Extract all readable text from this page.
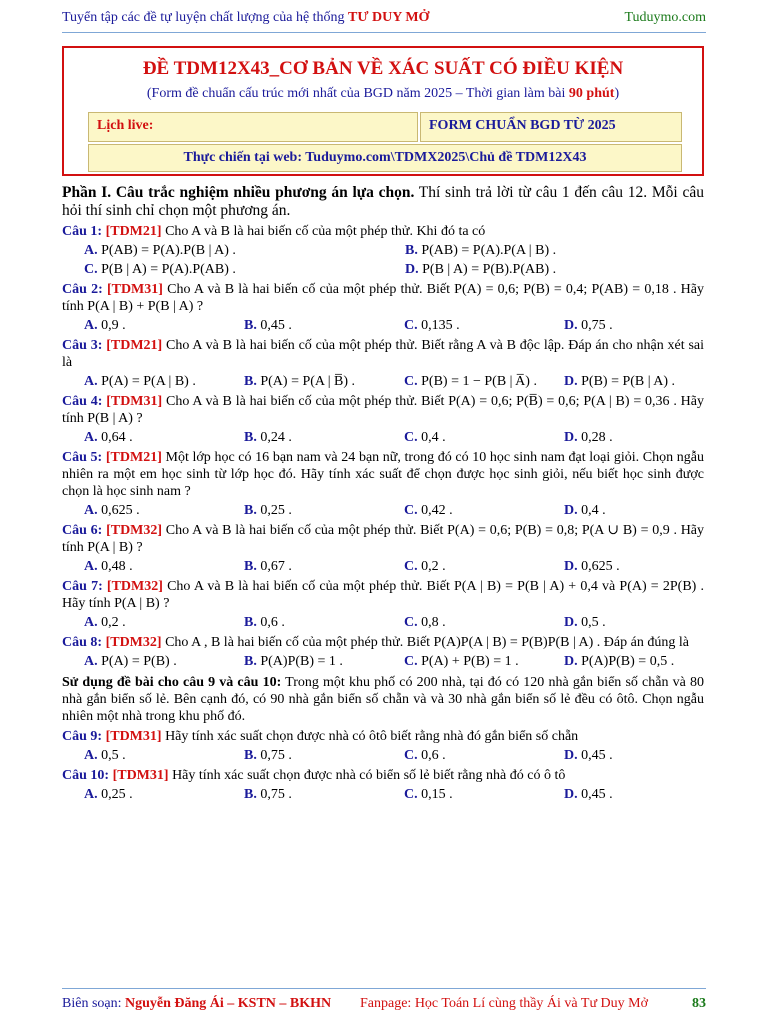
Tuyển tập các đề tự luyện chất lượng của hệ thống TƯ DUY MỞ	Tuduymo.com
ĐỀ TDM12X43_CƠ BẢN VỀ XÁC SUẤT CÓ ĐIỀU KIỆN
(Form đề chuẩn cấu trúc mới nhất của BGD năm 2025 – Thời gian làm bài 90 phút)
Lịch live:	FORM CHUẨN BGD TỪ 2025
Thực chiến tại web: Tuduymo.com\TDMX2025\Chủ đề TDM12X43

Phần I. Câu trắc nghiệm nhiều phương án lựa chọn. Thí sinh trả lời từ câu 1 đến câu 12. Mỗi câu hỏi thí sinh chỉ chọn một phương án.

Câu 1: [TDM21] Cho A và B là hai biến cố của một phép thử. Khi đó ta có

A. P(AB) = P(A).P(B | A) .	B. P(AB) = P(A).P(A | B) .
C. P(B | A) = P(A).P(AB) .	D. P(B | A) = P(B).P(AB) .

Câu 2: [TDM31] Cho A và B là hai biến cố của một phép thử. Biết P(A) = 0,6; P(B) = 0,4; P(AB) = 0,18 . Hãy tính P(A | B) + P(B | A) ?

A. 0,9 .	B. 0,45 .	C. 0,135 .	D. 0,75 .

Câu 3: [TDM21] Cho A và B là hai biến cố của một phép thử. Biết rằng A và B độc lập. Đáp án cho nhận xét sai là

A. P(A) = P(A | B) .	B. P(A) = P(A | B̅) .	C. P(B) = 1 − P(B | A̅) .	D. P(B) = P(B | A) .

Câu 4: [TDM31] Cho A và B là hai biến cố của một phép thử. Biết P(A) = 0,6; P(B̅) = 0,6; P(A | B) = 0,36 . Hãy tính P(B | A) ?

A. 0,64 .	B. 0,24 .	C. 0,4 .	D. 0,28 .

Câu 5: [TDM21] Một lớp học có 16 bạn nam và 24 bạn nữ, trong đó có 10 học sinh nam đạt loại giỏi. Chọn ngẫu nhiên ra một em học sinh từ lớp học đó. Hãy tính xác suất để chọn được học sinh giỏi, nếu biết học sinh được chọn là học sinh nam ?

A. 0,625 .	B. 0,25 .	C. 0,42 .	D. 0,4 .

Câu 6: [TDM32] Cho A và B là hai biến cố của một phép thử. Biết P(A) = 0,6; P(B) = 0,8; P(A ∪ B) = 0,9 . Hãy tính P(A | B) ?

A. 0,48 .	B. 0,67 .	C. 0,2 .	D. 0,625 .

Câu 7: [TDM32] Cho A và B là hai biến cố của một phép thử. Biết P(A | B) = P(B | A) + 0,4 và P(A) = 2P(B) . Hãy tính P(A | B) ?

A. 0,2 .	B. 0,6 .	C. 0,8 .	D. 0,5 .

Câu 8: [TDM32] Cho A , B là hai biến cố của một phép thử. Biết P(A)P(A | B) = P(B)P(B | A) . Đáp án đúng là

A. P(A) = P(B) .	B. P(A)P(B) = 1 .	C. P(A) + P(B) = 1 .	D. P(A)P(B) = 0,5 .

Sử dụng đề bài cho câu 9 và câu 10: Trong một khu phố có 200 nhà, tại đó có 120 nhà gắn biển số chẵn và 80 nhà gắn biển số lẻ. Bên cạnh đó, có 90 nhà gắn biển số chẵn và và 30 nhà gắn biển số lẻ đều có ôtô. Chọn ngẫu nhiên một nhà trong khu phố đó.

Câu 9: [TDM31] Hãy tính xác suất chọn được nhà có ôtô biết rằng nhà đó gắn biển số chẵn

A. 0,5 .	B. 0,75 .	C. 0,6 .	D. 0,45 .

Câu 10: [TDM31] Hãy tính xác suất chọn được nhà có biển số lẻ biết rằng nhà đó có ô tô

A. 0,25 .	B. 0,75 .	C. 0,15 .	D. 0,45 .
Biên soạn: Nguyễn Đăng Ái – KSTN – BKHN Fanpage: Học Toán Lí cùng thầy Ái và Tư Duy Mở	83
